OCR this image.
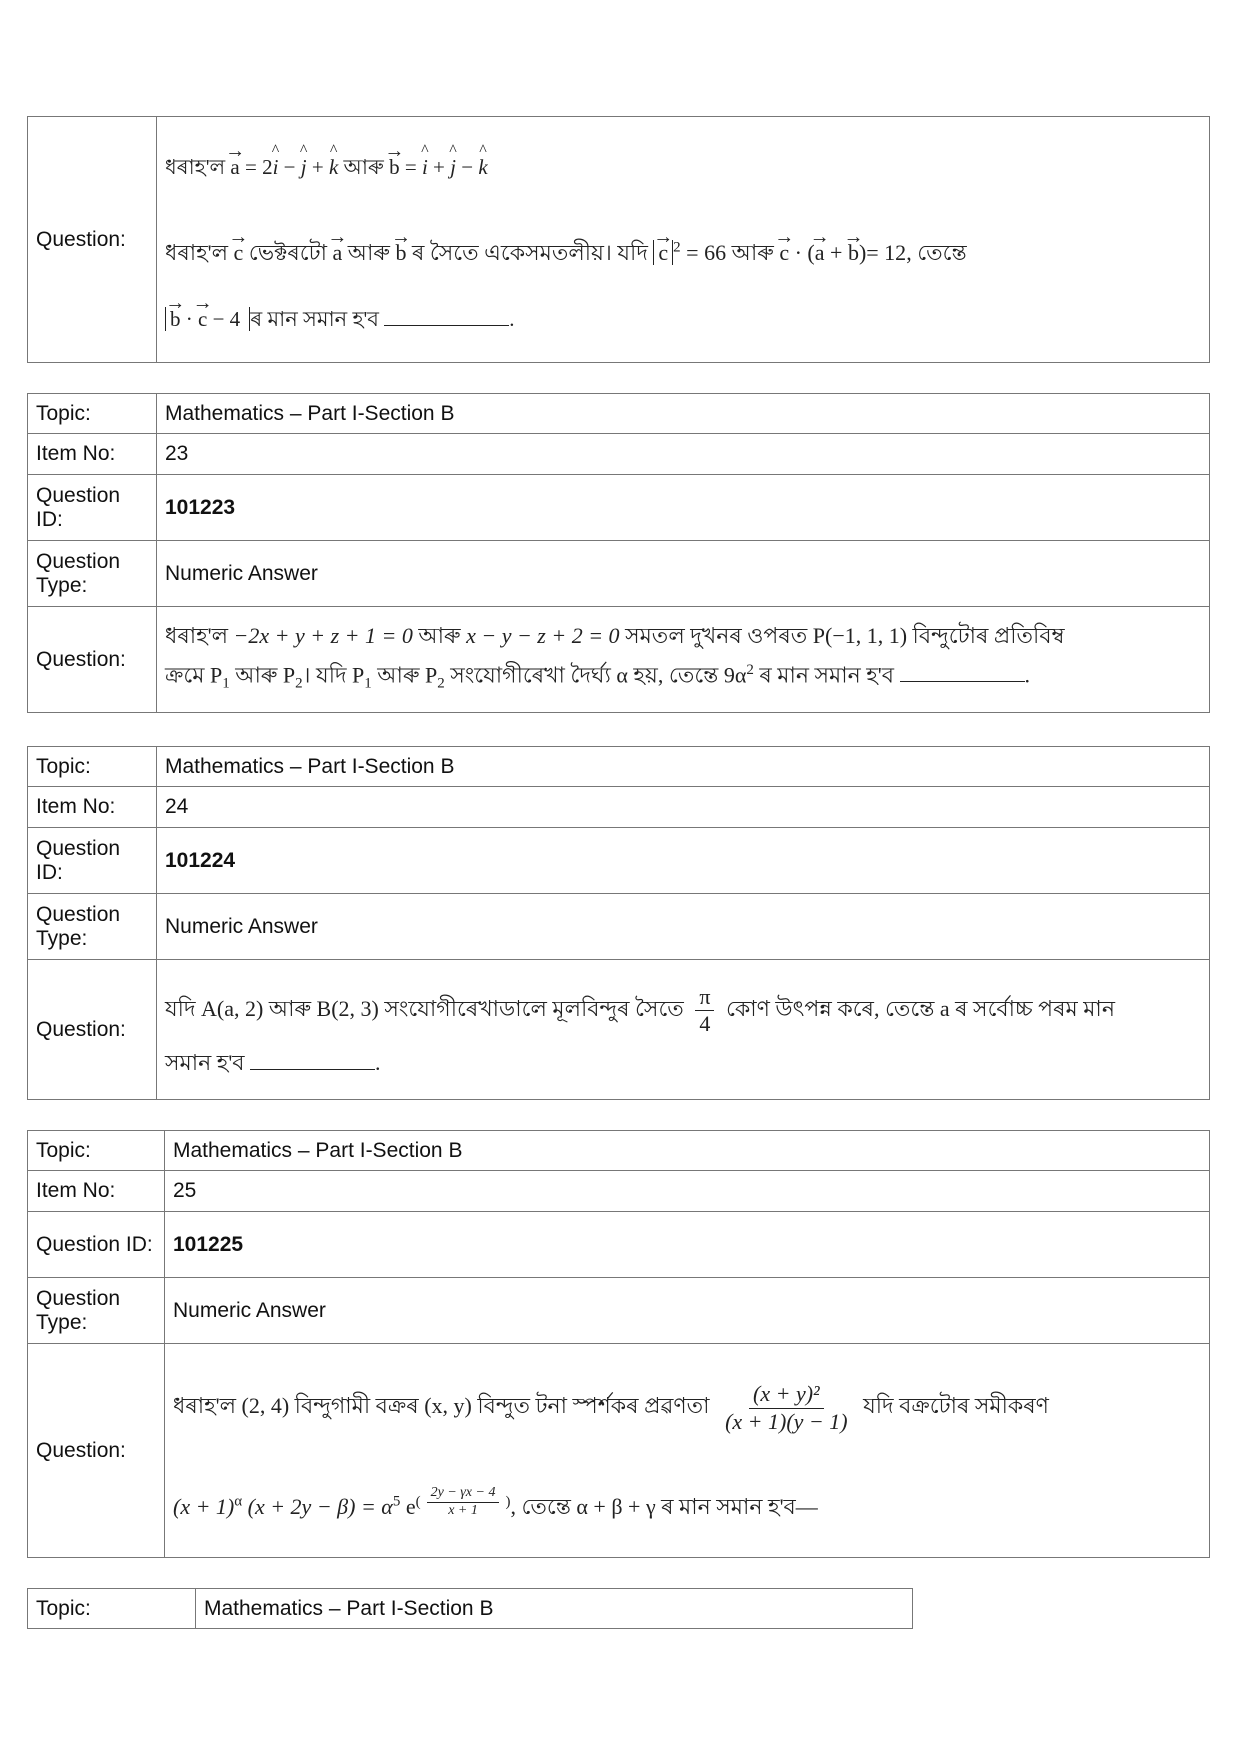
Question:	
ধৰাহ'ল → a = 2^ i − ^ j + ^ k আৰু → b = ^ i + ^ j − ^ k
ধৰাহ'ল → c ভেক্টৰটো → a আৰু → b ৰ সৈতে একেসমতলীয়। যদি → c $^2$ = 66 আৰু → c · (→ a + → b)= 12, তেন্তে
→ b · → c − 4 ৰ মান সমান হ'ব	.
Topic:	Mathematics – Part I-Section B
Item No:	23
Question ID:	101223
Question Type:	Numeric Answer
Question:	ধৰাহ'ল −2x + y + z + 1 = 0 আৰু x − y − z + 2 = 0 সমতল দুখনৰ ওপৰত P(−1, 1, 1) বিন্দুটোৰ প্ৰতিবিম্ব
ক্ৰমে $P_1$ আৰু $P_2।$ যদি $P_1$ আৰু $P_2$ সংযোগীৰেখা দৈৰ্ঘ্য α হয়, তেন্তে $9\alpha^2$ ৰ মান সমান হ'ব .
Topic:	Mathematics – Part I-Section B
Item No:	24
Question ID:	101224
Question Type:	Numeric Answer
Question:	যদি A(a, 2) আৰু B(2, 3) সংযোগীৰেখাডালে মূলবিন্দুৰ সৈতে $\frac{\pi}{4}$ কোণ উৎপন্ন কৰে, তেন্তে a ৰ সৰ্বোচ্চ পৰম মান
সমান হ'ব .
Topic:	Mathematics – Part I-Section B
Item No:	25
Question ID:	101225
Question Type:	Numeric Answer
Question:	
ধৰাহ'ল (2, 4) বিন্দুগামী বক্ৰৰ (x, y) বিন্দুত টনা স্পৰ্শকৰ প্ৰৱণতা $\frac{\text{(x + y)²}}{(x + 1)(y - 1)}$ যদি বক্ৰটোৰ সমীকৰণ
$(x + 1)^\alpha$ $(x + 2y - \beta) = \alpha^5$ $e^{( \frac{2y - \gamma x - 4}{x + 1} )}$, তেন্তে α + β + γ ৰ মান সমান হ'ব—
Topic:	Mathematics – Part I-Section B
